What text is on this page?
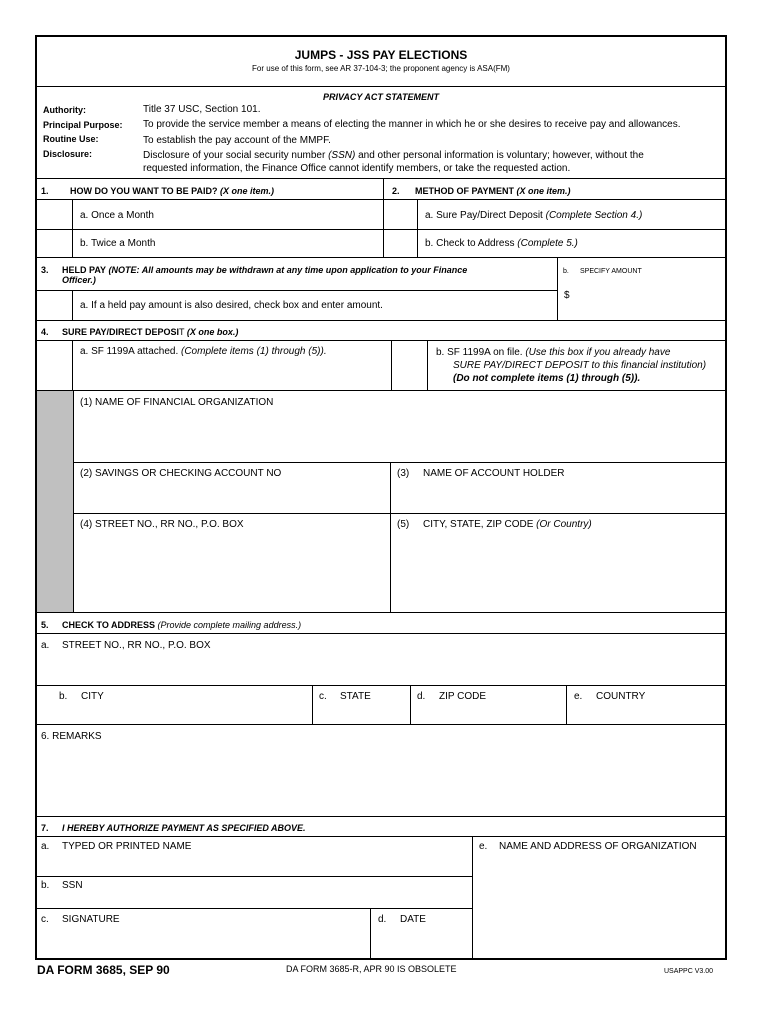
JUMPS - JSS PAY ELECTIONS
For use of this form, see AR 37-104-3; the proponent agency is ASA(FM)
PRIVACY ACT STATEMENT
Authority:	Title 37 USC, Section 101.
Principal Purpose: To provide the service member a means of electing the manner in which he or she desires to receive pay and allowances.
Routine Use:	To establish the pay account of the MMPF.
Disclosure:	Disclosure of your social security number (SSN) and other personal information is voluntary; however, without the
requested information, the Finance Office cannot identify members, or take the requested action.
1. HOW DO YOU WANT TO BE PAID? (X one item.)	2. METHOD OF PAYMENT (X one item.)
a. Once a Month
b. Twice a Month
a. Sure Pay/Direct Deposit (Complete Section 4.)
b. Check to Address (Complete 5.)
3. HELD PAY (NOTE: All amounts may be withdrawn at any time upon application to your Finance
Officer.)
a. If a held pay amount is also desired, check box and enter amount.
b. SPECIFY AMOUNT
$
4. SURE PAY/DIRECT DEPOSIT (X one box.)
a. SF 1199A attached. (Complete items (1) through (5)).	b. SF 1199A on file. (Use this box if you already have
SURE PAY/DIRECT DEPOSIT to this financial institution)
(Do not complete items (1) through (5)).
(1) NAME OF FINANCIAL ORGANIZATION
(2) SAVINGS OR CHECKING ACCOUNT NO	(3) NAME OF ACCOUNT HOLDER
(4) STREET NO., RR NO., P.O. BOX	(5) CITY, STATE, ZIP CODE (Or Country)
5. CHECK TO ADDRESS (Provide complete mailing address.)
a. STREET NO., RR NO., P.O. BOX
b. CITY	c. STATE	d. ZIP CODE	e. COUNTRY
6. REMARKS
7. I HEREBY AUTHORIZE PAYMENT AS SPECIFIED ABOVE.
a. TYPED OR PRINTED NAME
b. SSN
c. SIGNATURE	d. DATE
e. NAME AND ADDRESS OF ORGANIZATION
DA FORM 3685, SEP 90	DA FORM 3685-R, APR 90 IS OBSOLETE	USAPPC V3.00
